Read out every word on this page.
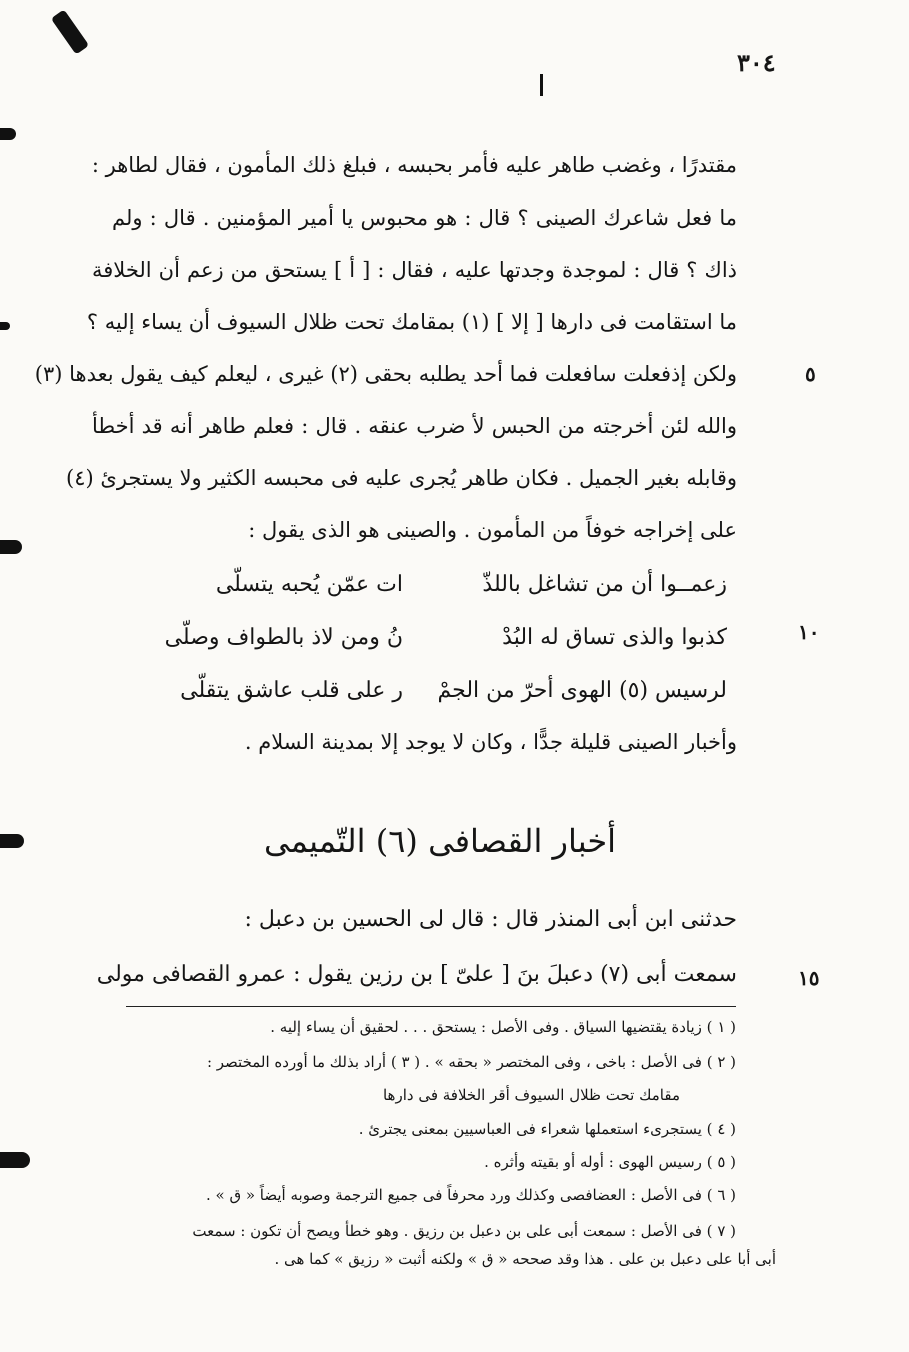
٣٠٤
مقتدرًا ، وغضب طاهر عليه فأمر بحبسه ، فبلغ ذلك المأمون ، فقال لطاهر :
ما فعل شاعرك الصينى ؟ قال : هو محبوس يا أمير المؤمنين . قال : ولم
ذاك ؟ قال : لموجدة وجدتها عليه ، فقال : [ أ ] يستحق من زعم أن الخلافة
ما استقامت فى دارها [ إلا ] (١) بمقامك تحت ظلال السيوف أن يساء إليه ؟
ولكن إذفعلت سافعلت فما أحد يطلبه بحقى (٢) غيرى ، ليعلم كيف يقول بعدها (٣)
والله لئن أخرجته من الحبس لأ ضرب عنقه . قال : فعلم طاهر أنه قد أخطأ
وقابله بغير الجميل . فكان طاهر يُجرى عليه فى محبسه الكثير ولا يستجرئ (٤)
على إخراجه خوفاً من المأمون . والصينى هو الذى يقول :
٥
زعمــوا أن من تشاغل باللذّ
ات عمّن يُحبه يتسلّى
كذبوا والذى تساق له البُدْ
نُ ومن لاذ بالطواف وصلّى
لرسيس (٥) الهوى أحرّ من الجمْ
ر على قلب عاشق يتقلّى
١٠
وأخبار الصينى قليلة جدًّا ، وكان لا يوجد إلا بمدينة السلام .
أخبار القصافى (٦) التّميمى
حدثنى ابن أبى المنذر قال : قال لى الحسين بن دعبل :
سمعت أبى (٧) دعبلَ بنَ [ علىّ ] بن رزين يقول : عمرو القصافى مولى	١٥
( ١ ) زيادة يقتضيها السياق . وفى الأصل : يستحق . . . لحقيق أن يساء إليه .
( ٢ ) فى الأصل : باخى ، وفى المختصر « بحقه » . ( ٣ ) أراد بذلك ما أورده المختصر :
مقامك تحت ظلال السيوف أقر الخلافة فى دارها
( ٤ ) يستجرىء استعملها شعراء فى العباسيين بمعنى يجترئ .
( ٥ ) رسيس الهوى : أوله أو بقيته وأثره .
( ٦ ) فى الأصل : العضافصى وكذلك ورد محرفاً فى جميع الترجمة وصوبه أيضاً « ق » .
( ٧ ) فى الأصل : سمعت أبى على بن دعبل بن رزيق . وهو خطأ ويصح أن تكون : سمعت
أبى أبا على دعبل بن على . هذا وقد صححه « ق » ولكنه أثبت « رزيق » كما هى .
